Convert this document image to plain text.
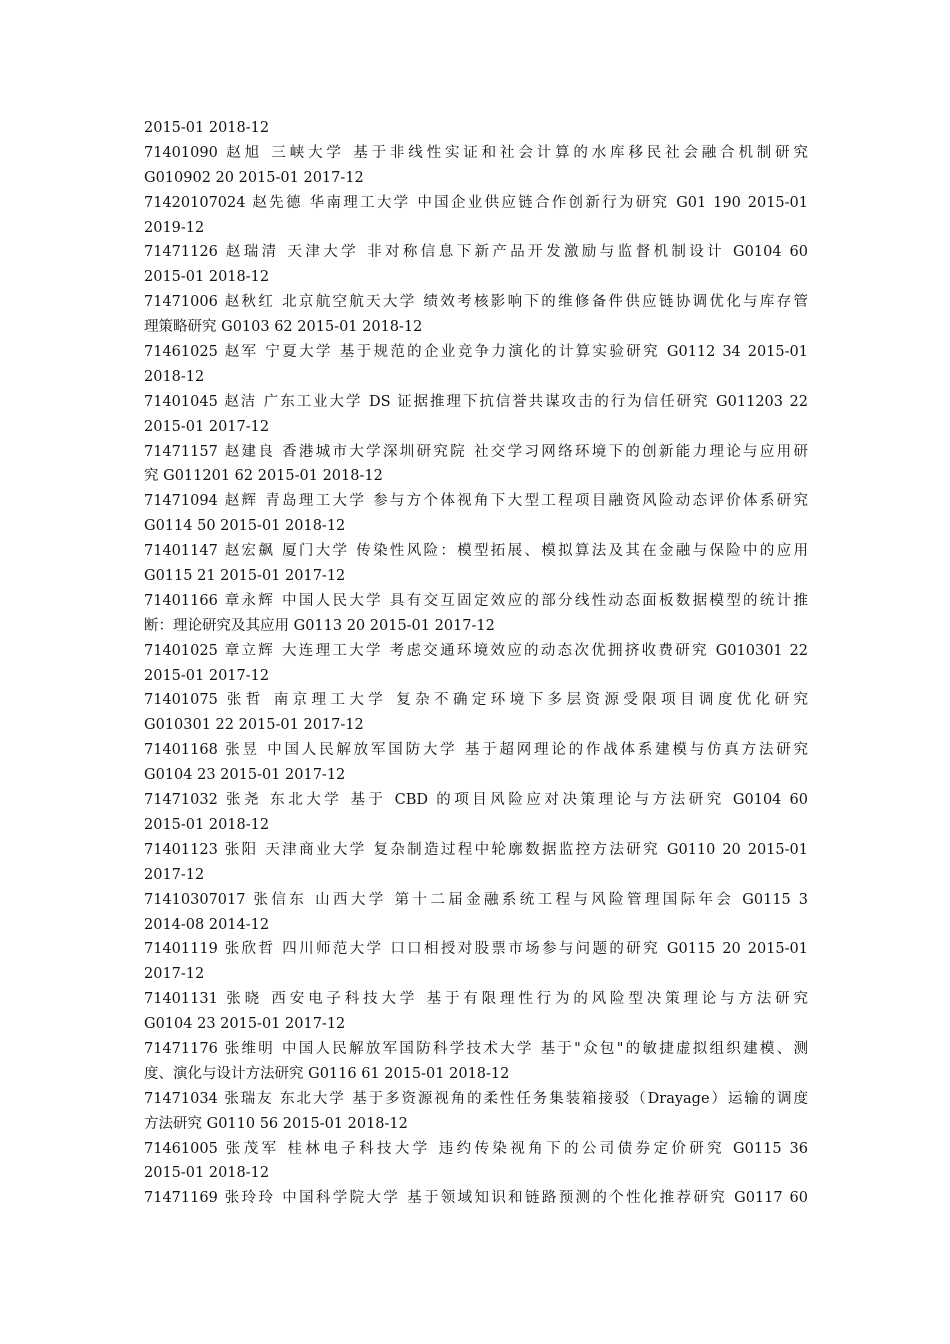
2015-01 2018-12
71401090 赵旭 三峡大学 基于非线性实证和社会计算的水库移民社会融合机制研究
G010902 20 2015-01 2017-12
71420107024 赵先德 华南理工大学 中国企业供应链合作创新行为研究 G01 190 2015-01
2019-12
71471126 赵瑞清 天津大学 非对称信息下新产品开发激励与监督机制设计 G0104 60
2015-01 2018-12
71471006 赵秋红 北京航空航天大学 绩效考核影响下的维修备件供应链协调优化与库存管
理策略研究 G0103 62 2015-01 2018-12
71461025 赵军 宁夏大学 基于规范的企业竞争力演化的计算实验研究 G0112 34 2015-01
2018-12
71401045 赵洁 广东工业大学 DS 证据推理下抗信誉共谋攻击的行为信任研究 G011203 22
2015-01 2017-12
71471157 赵建良 香港城市大学深圳研究院 社交学习网络环境下的创新能力理论与应用研
究 G011201 62 2015-01 2018-12
71471094 赵辉 青岛理工大学 参与方个体视角下大型工程项目融资风险动态评价体系研究
G0114 50 2015-01 2018-12
71401147 赵宏飙 厦门大学 传染性风险：模型拓展、模拟算法及其在金融与保险中的应用
G0115 21 2015-01 2017-12
71401166 章永辉 中国人民大学 具有交互固定效应的部分线性动态面板数据模型的统计推
断：理论研究及其应用 G0113 20 2015-01 2017-12
71401025 章立辉 大连理工大学 考虑交通环境效应的动态次优拥挤收费研究 G010301 22
2015-01 2017-12
71401075 张哲 南京理工大学 复杂不确定环境下多层资源受限项目调度优化研究
G010301 22 2015-01 2017-12
71401168 张昱 中国人民解放军国防大学 基于超网理论的作战体系建模与仿真方法研究
G0104 23 2015-01 2017-12
71471032 张尧 东北大学 基于 CBD 的项目风险应对决策理论与方法研究 G0104 60
2015-01 2018-12
71401123 张阳 天津商业大学 复杂制造过程中轮廓数据监控方法研究 G0110 20 2015-01
2017-12
71410307017 张信东 山西大学 第十二届金融系统工程与风险管理国际年会 G0115 3
2014-08 2014-12
71401119 张欣哲 四川师范大学 口口相授对股票市场参与问题的研究 G0115 20 2015-01
2017-12
71401131 张晓 西安电子科技大学 基于有限理性行为的风险型决策理论与方法研究
G0104 23 2015-01 2017-12
71471176 张维明 中国人民解放军国防科学技术大学 基于"众包"的敏捷虚拟组织建模、测
度、演化与设计方法研究 G0116 61 2015-01 2018-12
71471034 张瑞友 东北大学 基于多资源视角的柔性任务集装箱接驳（Drayage）运输的调度
方法研究 G0110 56 2015-01 2018-12
71461005 张茂军 桂林电子科技大学 违约传染视角下的公司债券定价研究 G0115 36
2015-01 2018-12
71471169 张玲玲 中国科学院大学 基于领域知识和链路预测的个性化推荐研究 G0117 60
